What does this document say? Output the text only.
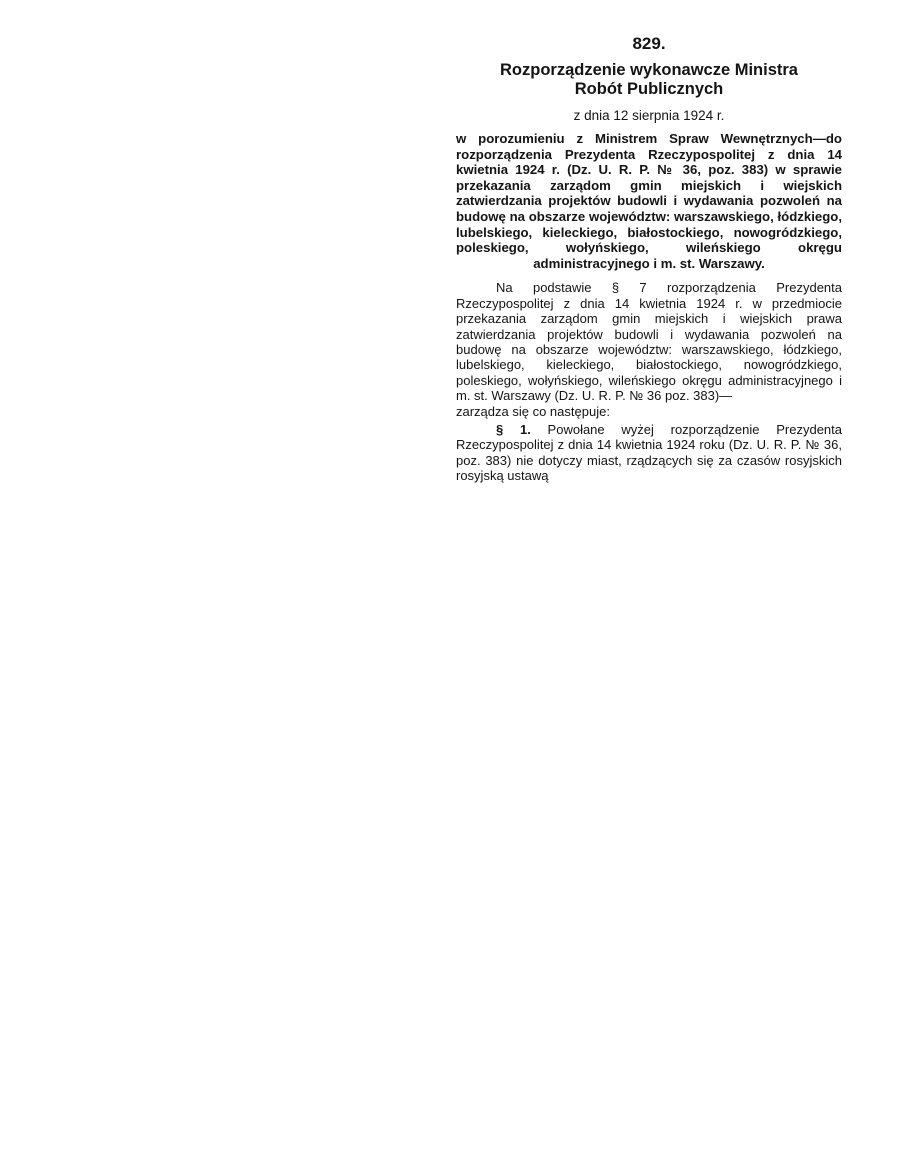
829.
Rozporządzenie wykonawcze Ministra
Robót Publicznych
z dnia 12 sierpnia 1924 r.
w porozumieniu z Ministrem Spraw Wewnętrznych—do rozporządzenia Prezydenta Rzeczypospolitej z dnia 14 kwietnia 1924 r. (Dz. U. R. P. № 36, poz. 383) w sprawie przekazania zarządom gmin miejskich i wiejskich zatwierdzania projektów budowli i wydawania pozwoleń na budowę na obszarze województw: warszawskiego, łódzkiego, lubelskiego, kieleckiego, białostockiego, nowogródzkiego, poleskiego, wołyńskiego, wileńskiego okręgu administracyjnego i m. st. Warszawy.
Na podstawie § 7 rozporządzenia Prezydenta Rzeczypospolitej z dnia 14 kwietnia 1924 r. w przedmiocie przekazania zarządom gmin miejskich i wiejskich prawa zatwierdzania projektów budowli i wydawania pozwoleń na budowę na obszarze województw: warszawskiego, łódzkiego, lubelskiego, kieleckiego, białostockiego, nowogródzkiego, poleskiego, wołyńskiego, wileńskiego okręgu administracyjnego i m. st. Warszawy (Dz. U. R. P. № 36 poz. 383)—
zarządza się co następuje:
§ 1. Powołane wyżej rozporządzenie Prezydenta Rzeczypospolitej z dnia 14 kwietnia 1924 roku (Dz. U. R. P. № 36, poz. 383) nie dotyczy miast, rządzących się za czasów rosyjskich rosyjską ustawą
